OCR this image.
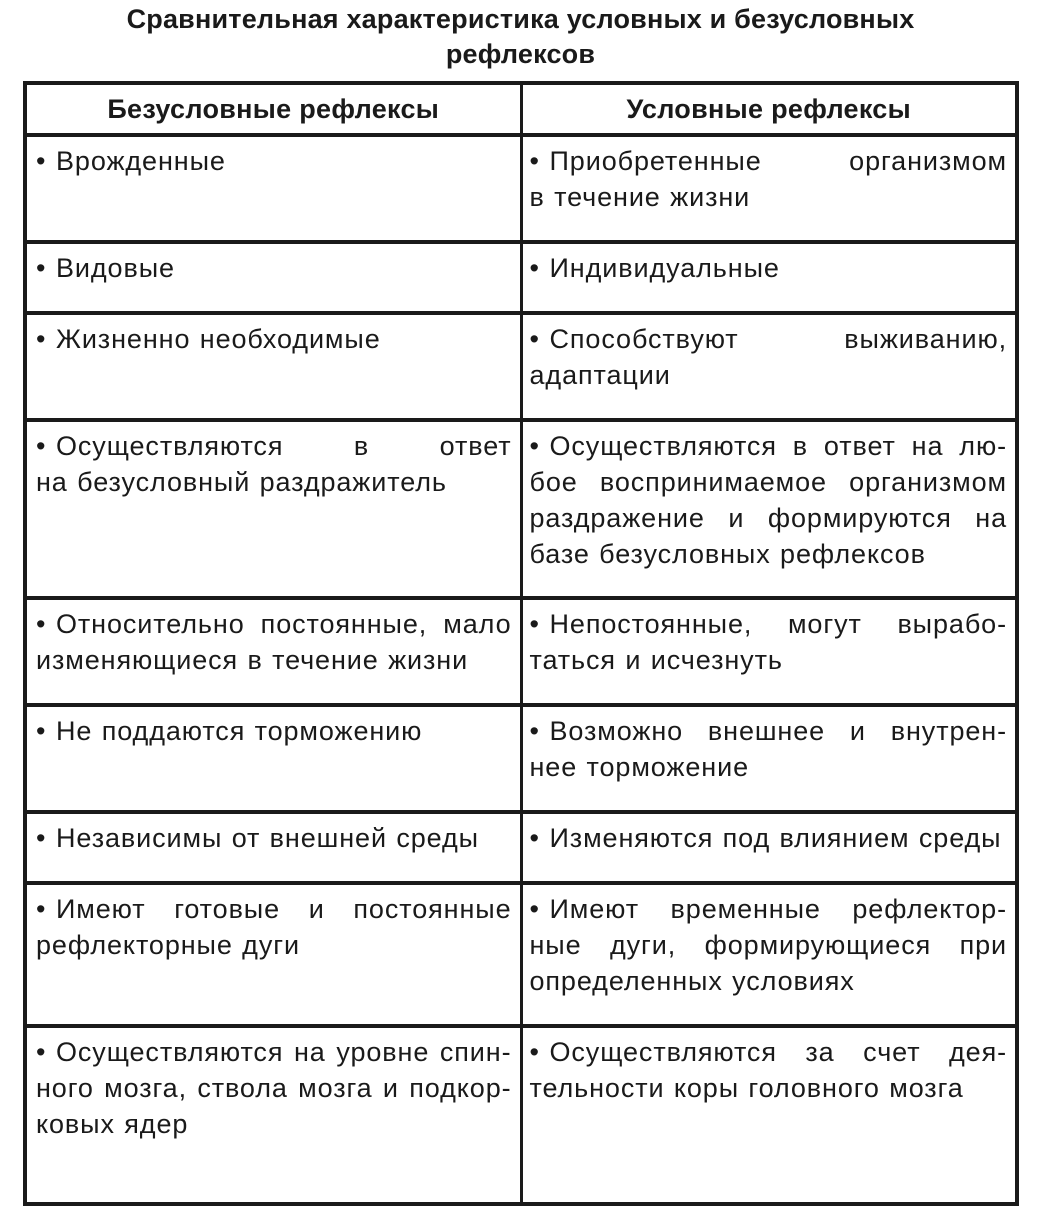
Сравнительная характеристика условных и безусловных
рефлексов
Безусловные рефлексы	Условные рефлексы

• Врожденные	• Приобретенные организмом
в течение жизни

• Видовые	• Индивидуальные

• Жизненно необходимые	• Способствуют выживанию,
адаптации

• Осуществляются в ответ
на безусловный раздражитель	• Осуществляются в ответ на лю-
бое воспринимаемое организмом
раздражение и формируются на
базе безусловных рефлексов

• Относительно постоянные, мало
изменяющиеся в течение жизни	• Непостоянные, могут вырабо-
таться и исчезнуть

• Не поддаются торможению	• Возможно внешнее и внутрен-
нее торможение

• Независимы от внешней среды	• Изменяются под влиянием среды

• Имеют готовые и постоянные
рефлекторные дуги	• Имеют временные рефлектор-
ные дуги, формирующиеся при
определенных условиях

• Осуществляются на уровне спин-
ного мозга, ствола мозга и подкор-
ковых ядер	• Осуществляются за счет дея-
тельности коры головного мозга
